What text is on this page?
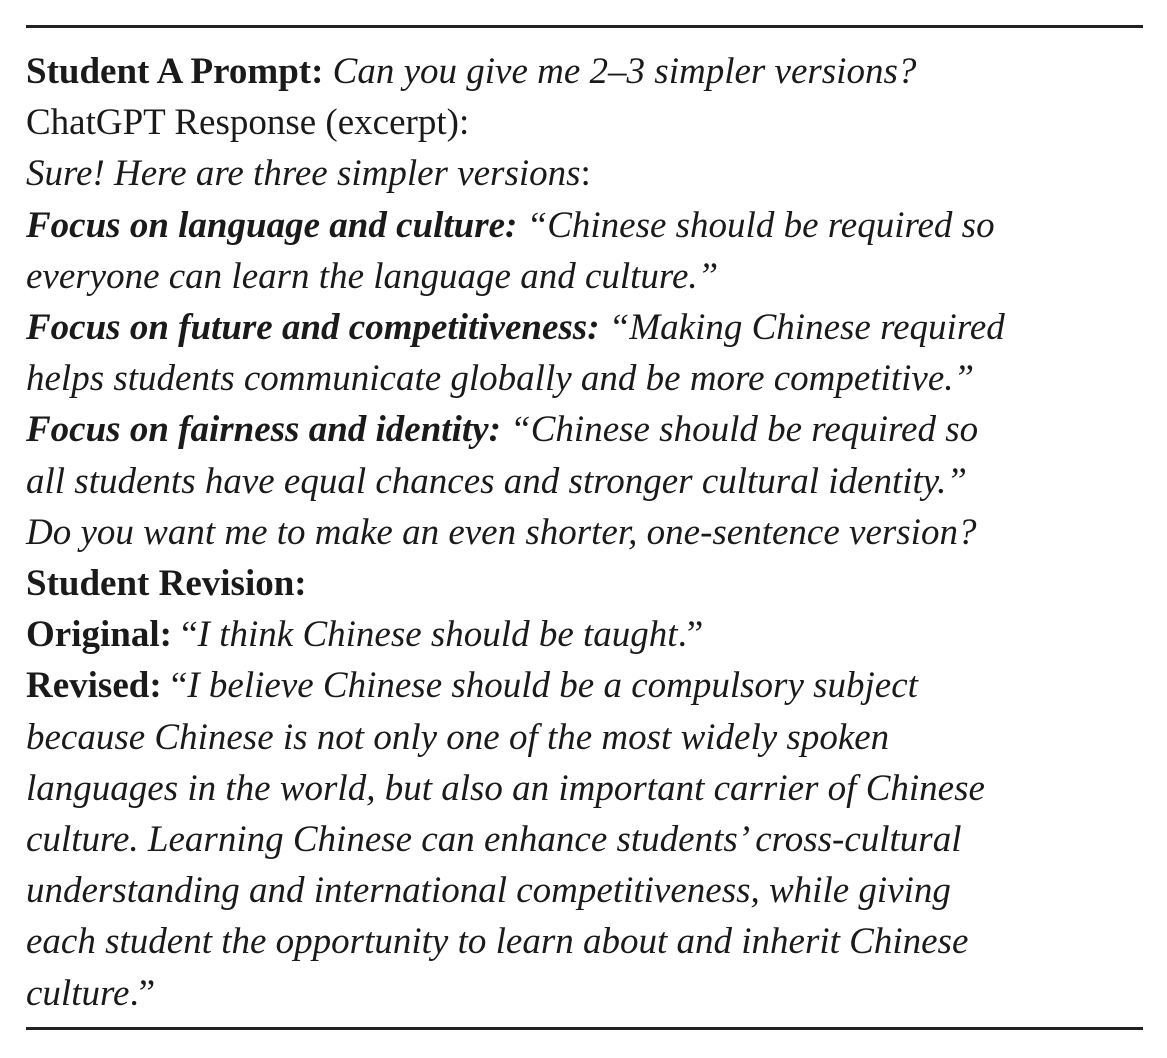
Student A Prompt: Can you give me 2–3 simpler versions?

ChatGPT Response (excerpt):

Sure! Here are three simpler versions:

Focus on language and culture: “Chinese should be required so
everyone can learn the language and culture.”
Focus on future and competitiveness: “Making Chinese required
helps students communicate globally and be more competitive.”
Focus on fairness and identity: “Chinese should be required so
all students have equal chances and stronger cultural identity.”

Do you want me to make an even shorter, one-sentence version?

Student Revision:

Original: “I think Chinese should be taught.”

Revised: “I believe Chinese should be a compulsory subject
because Chinese is not only one of the most widely spoken
languages in the world, but also an important carrier of Chinese
culture. Learning Chinese can enhance students’ cross-cultural
understanding and international competitiveness, while giving
each student the opportunity to learn about and inherit Chinese
culture.”
